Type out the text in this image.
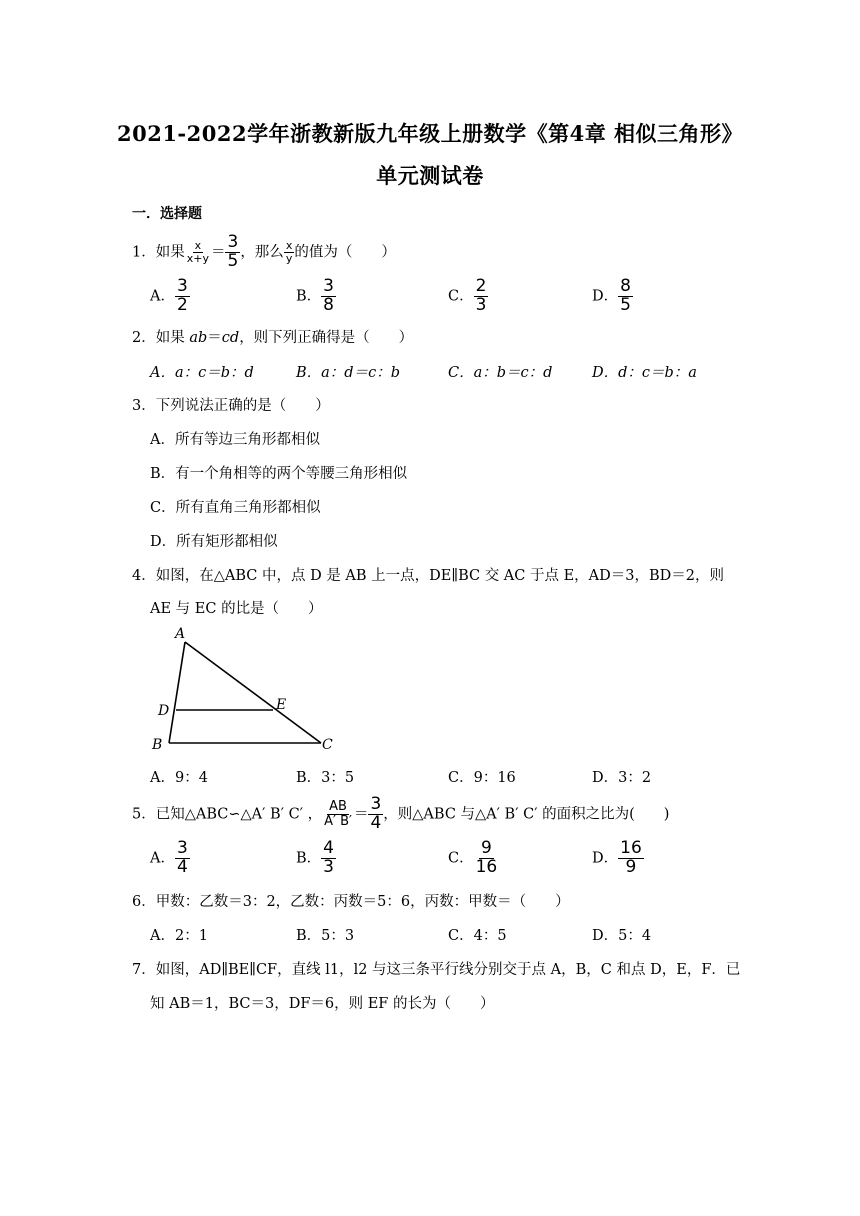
2021-2022学年浙教新版九年级上册数学《第4章 相似三角形》
单元测试卷
一．选择题
1．如果 $\frac{x}{x+y} = \frac{3}{5}$ ，那么 $\frac{x}{y}$ 的值为（　　）
A． $\frac{3}{2}$	B． $\frac{3}{8}$	C． $\frac{2}{3}$	D． $\frac{8}{5}$
2．如果 ab＝cd，则下列正确得是（　　）
A．a：c＝b：d	B．a：d＝c：b	C．a：b＝c：d	D．d：c＝b：a
3．下列说法正确的是（　　）
A．所有等边三角形都相似
B．有一个角相等的两个等腰三角形相似
C．所有直角三角形都相似
D．所有矩形都相似
4．如图，在△ABC 中，点 D 是 AB 上一点，DE∥BC 交 AC 于点 E，AD＝3，BD＝2，则
AE 与 EC 的比是（　　）
A
D	E
B	C
A．9：4	B．3：5	C．9：16	D．3：2
5．已知△ABC∽△A′ B′ C′ ， $\frac{AB}{A' B'} = \frac{3}{4}$ ，则△ABC 与△A′ B′ C′ 的面积之比为(　　)
A． $\frac{3}{4}$	B． $\frac{4}{3}$	C． $\frac{9}{16}$	D． $\frac{16}{9}$
6．甲数：乙数＝3：2，乙数：丙数＝5：6，丙数：甲数＝（　　）
A．2：1	B．5：3	C．4：5	D．5：4
7．如图，AD∥BE∥CF，直线 l1，l2 与这三条平行线分别交于点 A，B，C 和点 D，E，F．已
知 AB＝1，BC＝3，DF＝6，则 EF 的长为（　　）
